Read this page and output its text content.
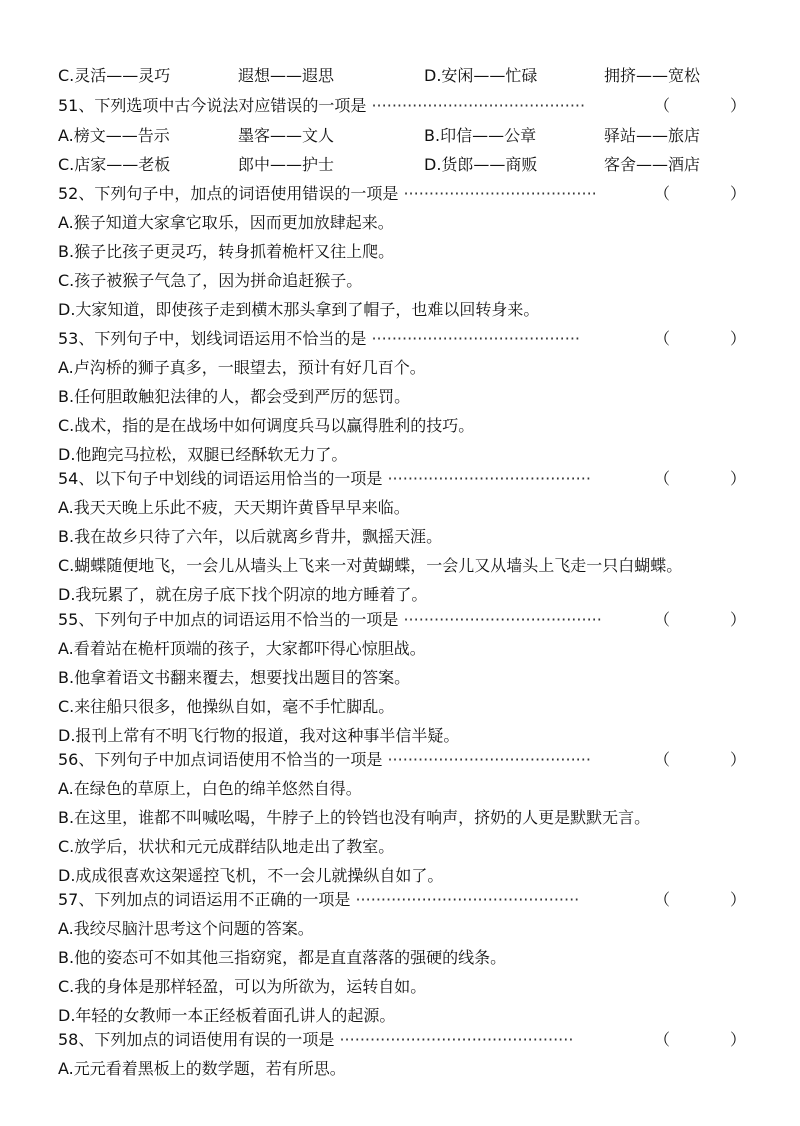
C.灵活——灵巧	遐想——遐思	D.安闲——忙碌	拥挤——宽松
51、下列选项中古今说法对应错误的一项是 ··········································	（	）
A.榜文——告示	墨客——文人	B.印信——公章	驿站——旅店
C.店家——老板	郎中——护士	D.货郎——商贩	客舍——酒店
52、下列句子中，加点的词语使用错误的一项是 ······································	（	）
A.猴子知道大家拿它取乐，因而更加放肆起来。
B.猴子比孩子更灵巧，转身抓着桅杆又往上爬。
C.孩子被猴子气急了，因为拼命追赶猴子。
D.大家知道，即使孩子走到横木那头拿到了帽子，也难以回转身来。
53、下列句子中，划线词语运用不恰当的是 ·········································	（	）
A.卢沟桥的狮子真多，一眼望去，预计有好几百个。
B.任何胆敢触犯法律的人，都会受到严厉的惩罚。
C.战术，指的是在战场中如何调度兵马以赢得胜利的技巧。
D.他跑完马拉松，双腿已经酥软无力了。
54、以下句子中划线的词语运用恰当的一项是 ········································	（	）
A.我天天晚上乐此不疲，天天期许黄昏早早来临。
B.我在故乡只待了六年，以后就离乡背井，飘摇天涯。
C.蝴蝶随便地飞，一会儿从墙头上飞来一对黄蝴蝶，一会儿又从墙头上飞走一只白蝴蝶。
D.我玩累了，就在房子底下找个阴凉的地方睡着了。
55、下列句子中加点的词语运用不恰当的一项是 ·······································	（	）
A.看着站在桅杆顶端的孩子，大家都吓得心惊胆战。
B.他拿着语文书翻来覆去，想要找出题目的答案。
C.来往船只很多，他操纵自如，毫不手忙脚乱。
D.报刊上常有不明飞行物的报道，我对这种事半信半疑。
56、下列句子中加点词语使用不恰当的一项是 ········································	（	）
A.在绿色的草原上，白色的绵羊悠然自得。
B.在这里，谁都不叫喊吆喝，牛脖子上的铃铛也没有响声，挤奶的人更是默默无言。
C.放学后，状状和元元成群结队地走出了教室。
D.成成很喜欢这架遥控飞机，不一会儿就操纵自如了。
57、下列加点的词语运用不正确的一项是 ············································	（	）
A.我绞尽脑汁思考这个问题的答案。
B.他的姿态可不如其他三指窈窕，都是直直落落的强硬的线条。
C.我的身体是那样轻盈，可以为所欲为，运转自如。
D.年轻的女教师一本正经板着面孔讲人的起源。
58、下列加点的词语使用有误的一项是 ··············································	（	）
A.元元看着黑板上的数学题，若有所思。
